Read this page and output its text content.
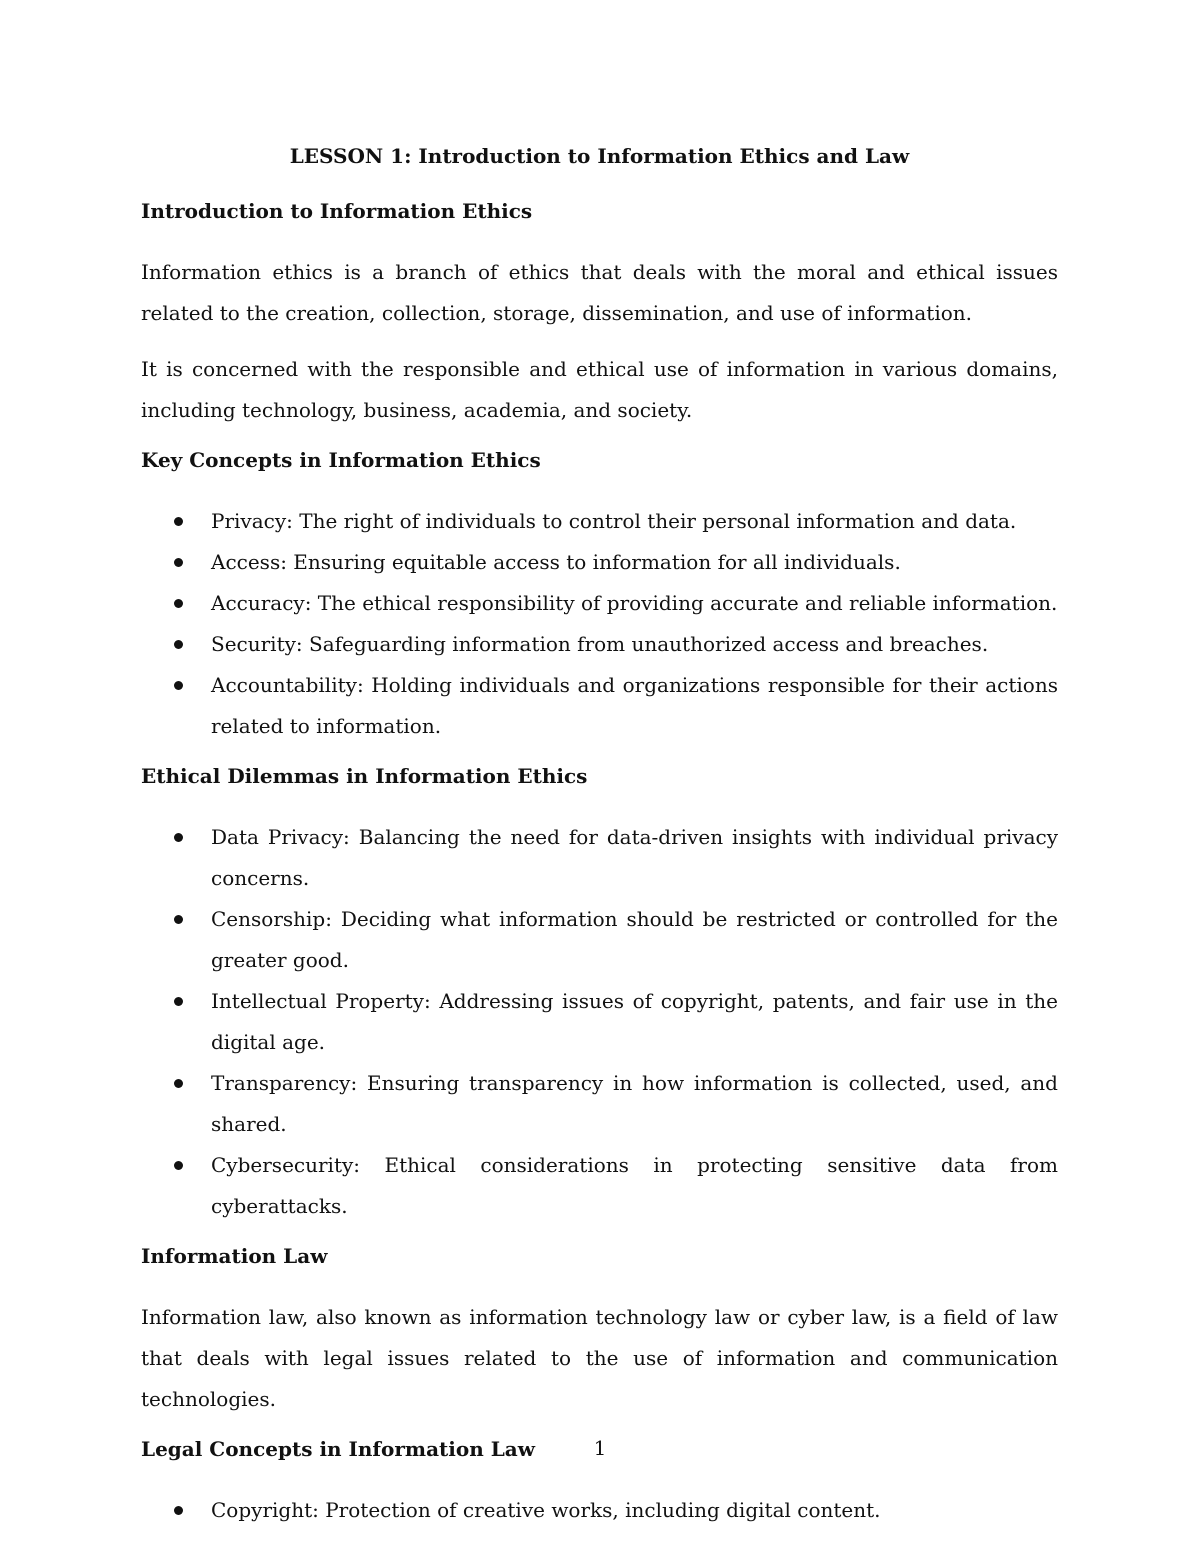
LESSON 1: Introduction to Information Ethics and Law
Introduction to Information Ethics

Information ethics is a branch of ethics that deals with the moral and ethical issues related to the creation, collection, storage, dissemination, and use of information.

It is concerned with the responsible and ethical use of information in various domains, including technology, business, academia, and society.

Key Concepts in Information Ethics
Privacy: The right of individuals to control their personal information and data.
Access: Ensuring equitable access to information for all individuals.
Accuracy: The ethical responsibility of providing accurate and reliable information.
Security: Safeguarding information from unauthorized access and breaches.
Accountability: Holding individuals and organizations responsible for their actions related to information.
Ethical Dilemmas in Information Ethics
Data Privacy: Balancing the need for data-driven insights with individual privacy concerns.
Censorship: Deciding what information should be restricted or controlled for the greater good.
Intellectual Property: Addressing issues of copyright, patents, and fair use in the digital age.
Transparency: Ensuring transparency in how information is collected, used, and shared.
Cybersecurity: Ethical considerations in protecting sensitive data from cyberattacks.
Information Law

Information law, also known as information technology law or cyber law, is a field of law that deals with legal issues related to the use of information and communication technologies.

Legal Concepts in Information Law
Copyright: Protection of creative works, including digital content.
1
